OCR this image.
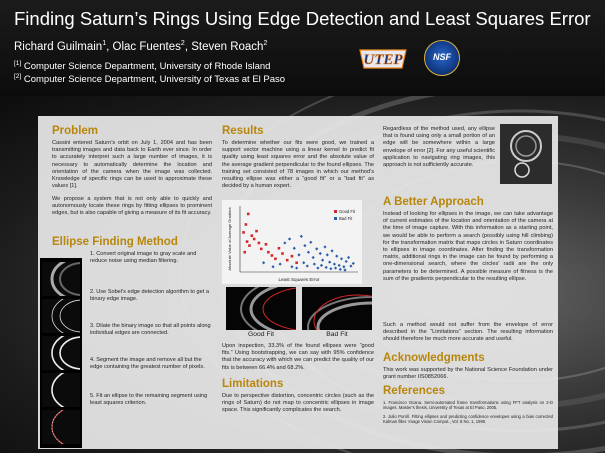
Finding Saturn’s Rings Using Edge Detection and Least Squares Error
Richard Guilmain$^1$, Olac Fuentes$^2$, Steven Roach$^2$
[1] Computer Science Department, University of Rhode Island
[2] Computer Science Department, University of Texas at El Paso
UTEP	NSF
Problem
Cassini entered Saturn’s orbit on July 1, 2004 and has been transmitting images and data back to Earth ever since. In order to accurately interpret such a large number of images, it is necessary to automatically determine the location and orientation of the camera when the image was collected. Knowledge of specific rings can be used to approximate these values [1].
We propose a system that is not only able to quickly and autonomously locate these rings by fitting ellipses to prominent edges, but is also capable of giving a measure of its fit accuracy.
Ellipse Finding Method
1. Convert original image to gray scale and reduce noise using median filtering.
2. Use Sobel’s edge detection algorithm to get a binary edge image.
3. Dilate the binary image so that all points along individual edges are connected.
4. Segment the image and remove all but the edge containing the greatest number of pixels.
5. Fit an ellipse to the remaining segment using least squares criterion.
Results
To determine whether our fits were good, we trained a support vector machine using a linear kernel to predict fit quality using least squares error and the absolute value of the average gradient perpendicular to the found ellipses. The training set consisted of 78 images in which our method’s resulting ellipse was either a “good fit” or a “bad fit” as decided by a human expert.
Good Fit
Bad Fit
Least Squares Error
Absolute Value of Average Gradient
Good Fit	Bad Fit
Upon inspection, 33.3% of the found ellipses were “good fits.” Using bootstrapping, we can say with 95% confidence that the accuracy with which we can predict the quality of our fits is between 66.4% and 68.2%.
Limitations
Due to perspective distortion, concentric circles (such as the rings of Saturn) do not map to concentric ellipses in image space. This significantly complicates the search.
Regardless of the method used, any ellipse that is found using only a small portion of an edge will be somewhere within a large envelope of error [2]. For any useful scientific application to navigating ring images, this approach is not sufficiently accurate.
A Better Approach
Instead of looking for ellipses in the image, we can take advantage of current estimates of the location and orientation of the camera at the time of image capture. With this information as a starting point, we would be able to perform a search (possibly using hill climbing) for the transformation matrix that maps circles in Saturn coordinates to ellipses in image coordinates. After finding the transformation matrix, additional rings in the image can be found by performing a one-dimensional search, where the circles’ radii are the only parameters to be determined. A possible measure of fitness is the sum of the gradients perpendicular to the resulting ellipse.
Such a method would not suffer from the envelope of error described in the “Limitations” section. The resulting information should therefore be much more accurate and useful.
Acknowledgments
This work was supported by the National Science Foundation under grant number IIS0852066.
References
1. Francisco Ocana. Semi-automated frame transformations using FFT analysis on 2-D images. Master’s thesis, University of Texas at El Paso, 2005.
2. Julio Porrill. Fitting ellipses and predicting confidence envelopes using a bias corrected Kalman filter. Image Vision Comput., Vol. 8 No. 1, 1990.
